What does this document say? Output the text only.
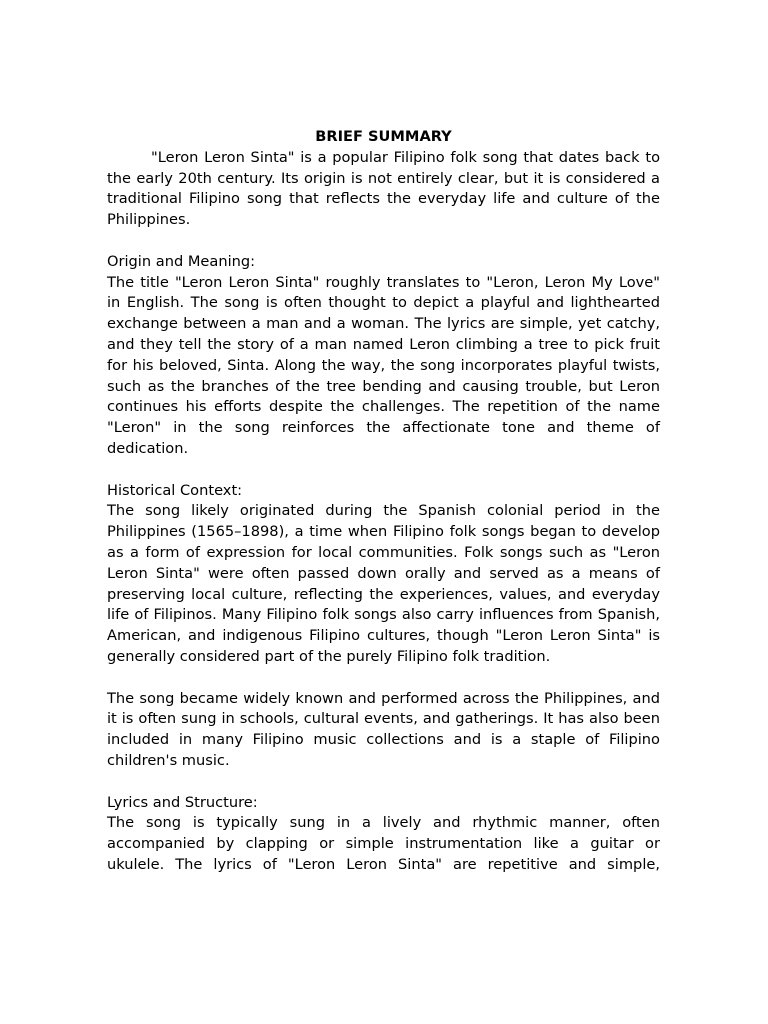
BRIEF SUMMARY

"Leron Leron Sinta" is a popular Filipino folk song that dates back to the early 20th century. Its origin is not entirely clear, but it is considered a traditional Filipino song that reflects the everyday life and culture of the Philippines.

Origin and Meaning:

The title "Leron Leron Sinta" roughly translates to "Leron, Leron My Love" in English. The song is often thought to depict a playful and lighthearted exchange between a man and a woman. The lyrics are simple, yet catchy, and they tell the story of a man named Leron climbing a tree to pick fruit for his beloved, Sinta. Along the way, the song incorporates playful twists, such as the branches of the tree bending and causing trouble, but Leron continues his efforts despite the challenges. The repetition of the name "Leron" in the song reinforces the affectionate tone and theme of dedication.

Historical Context:

The song likely originated during the Spanish colonial period in the Philippines (1565–1898), a time when Filipino folk songs began to develop as a form of expression for local communities. Folk songs such as "Leron Leron Sinta" were often passed down orally and served as a means of preserving local culture, reflecting the experiences, values, and everyday life of Filipinos. Many Filipino folk songs also carry influences from Spanish, American, and indigenous Filipino cultures, though "Leron Leron Sinta" is generally considered part of the purely Filipino folk tradition.

The song became widely known and performed across the Philippines, and it is often sung in schools, cultural events, and gatherings. It has also been included in many Filipino music collections and is a staple of Filipino children's music.

Lyrics and Structure:

The song is typically sung in a lively and rhythmic manner, often accompanied by clapping or simple instrumentation like a guitar or ukulele. The lyrics of "Leron Leron Sinta" are repetitive and simple,
